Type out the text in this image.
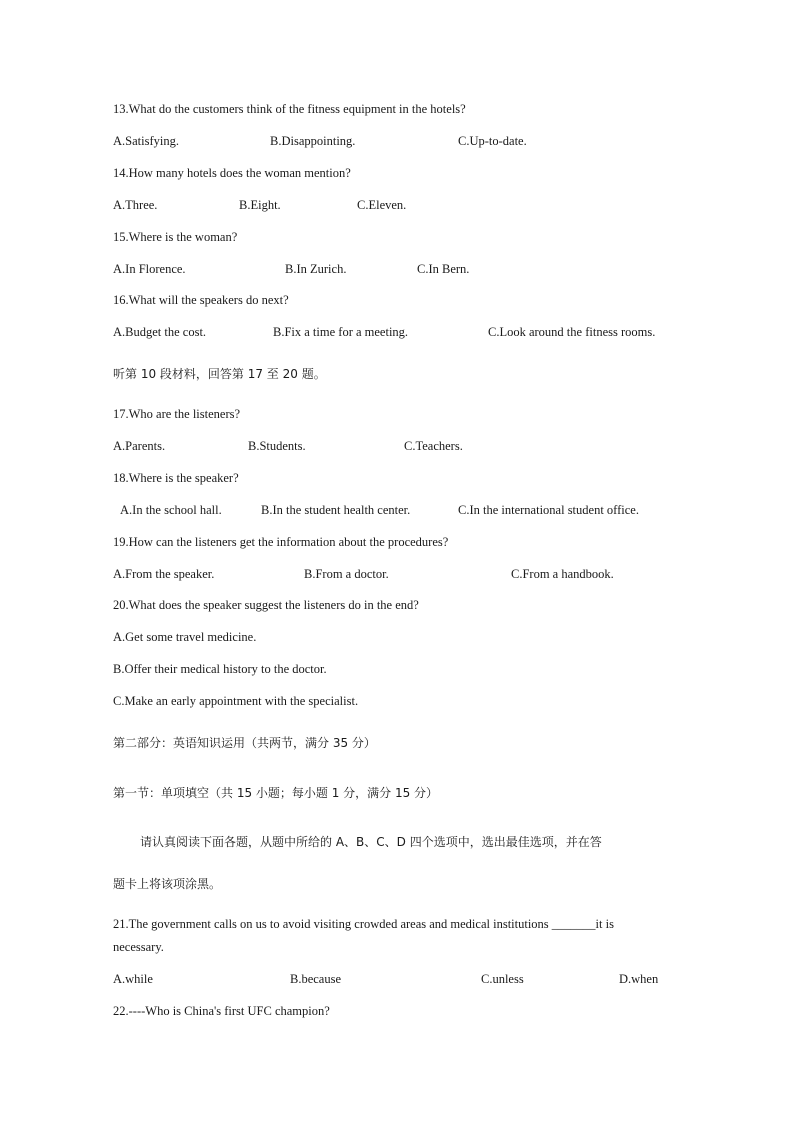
13.What do the customers think of the fitness equipment in the hotels?
A.Satisfying.	B.Disappointing.	C.Up-to-date.
14.How many hotels does the woman mention?
A.Three.	B.Eight.	C.Eleven.
15.Where is the woman?
A.In Florence.	B.In Zurich.	C.In Bern.
16.What will the speakers do next?
A.Budget the cost.	B.Fix a time for a meeting.	C.Look around the fitness rooms.
听第 10 段材料，回答第 17 至 20 题。
17.Who are the listeners?
A.Parents.	B.Students.	C.Teachers.
18.Where is the speaker?
A.In the school hall.	B.In the student health center.	C.In the international student office.
19.How can the listeners get the information about the procedures?
A.From the speaker.	B.From a doctor.	C.From a handbook.
20.What does the speaker suggest the listeners do in the end?
A.Get some travel medicine.
B.Offer their medical history to the doctor.
C.Make an early appointment with the specialist.
第二部分：英语知识运用（共两节，满分 35 分）
第一节：单项填空（共 15 小题；每小题 1 分，满分 15 分）
请认真阅读下面各题，从题中所给的 A、B、C、D 四个选项中，选出最佳选项，并在答
题卡上将该项涂黑。
21.The government calls on us to avoid visiting crowded areas and medical institutions _______it is
necessary.
A.while	B.because	C.unless	D.when
22.----Who is China's first UFC champion?
